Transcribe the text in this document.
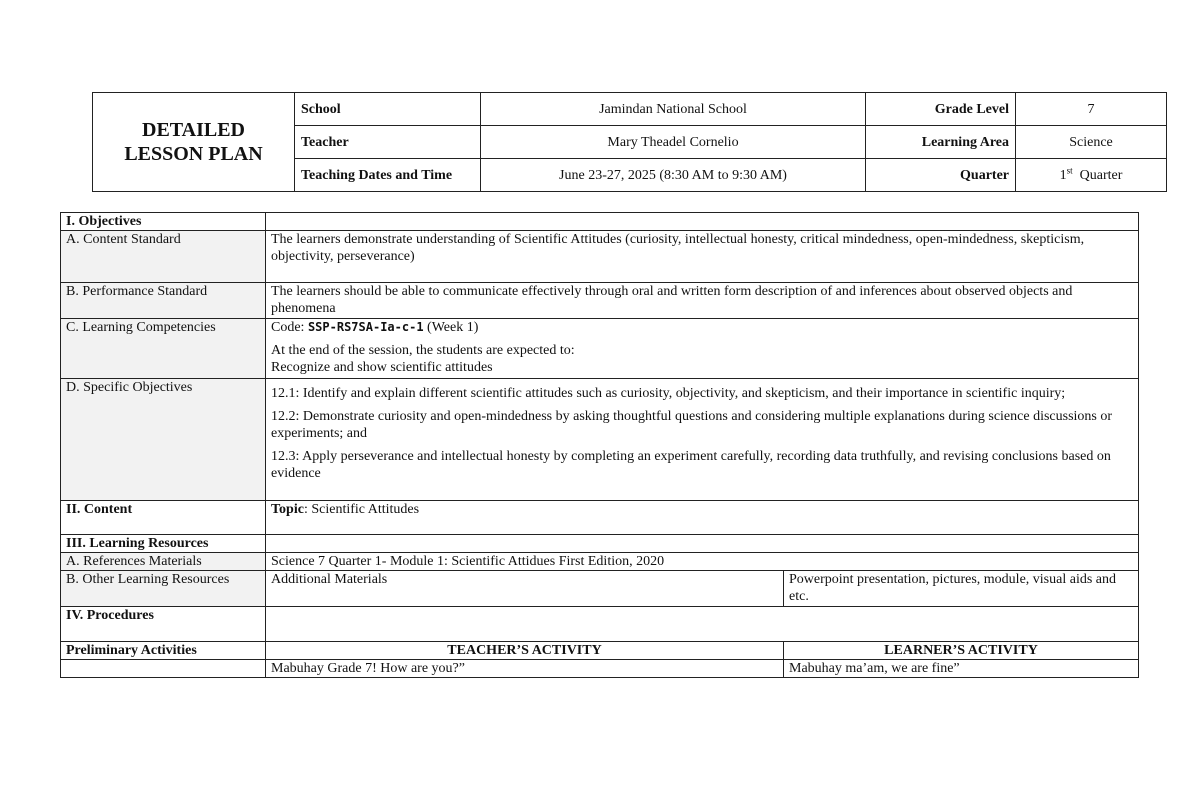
DETAILED
LESSON PLAN	School	Jamindan National School	Grade Level	7
	Teacher	Mary Theadel Cornelio	Learning Area	Science
	Teaching Dates and Time	June 23-27, 2025 (8:30 AM to 9:30 AM)	Quarter	1st Quarter
I. Objectives		
A. Content Standard	The learners demonstrate understanding of Scientific Attitudes (curiosity, intellectual honesty, critical mindedness, open-mindedness, skepticism, objectivity, perseverance)	
B. Performance Standard	The learners should be able to communicate effectively through oral and written form description of and inferences about observed objects and phenomena	
C. Learning Competencies	Code: SSP-RS7SA-Ia-c-1 (Week 1)

At the end of the session, the students are expected to:

Recognize and show scientific attitudes	

D. Specific Objectives	12.1: Identify and explain different scientific attitudes such as curiosity, objectivity, and skepticism, and their importance in scientific inquiry;

12.2: Demonstrate curiosity and open-mindedness by asking thoughtful questions and considering multiple explanations during science discussions or experiments; and

12.3: Apply perseverance and intellectual honesty by completing an experiment carefully, recording data truthfully, and revising conclusions based on evidence	

II. Content	Topic: Scientific Attitudes	
III. Learning Resources		
A. References Materials	Science 7 Quarter 1- Module 1: Scientific Attidues First Edition, 2020	
B. Other Learning Resources	Additional Materials	Powerpoint presentation, pictures, module, visual aids and etc.
IV. Procedures		
Preliminary Activities	TEACHER’S ACTIVITY	LEARNER’S ACTIVITY
	Mabuhay Grade 7! How are you?”	Mabuhay ma’am, we are fine”
